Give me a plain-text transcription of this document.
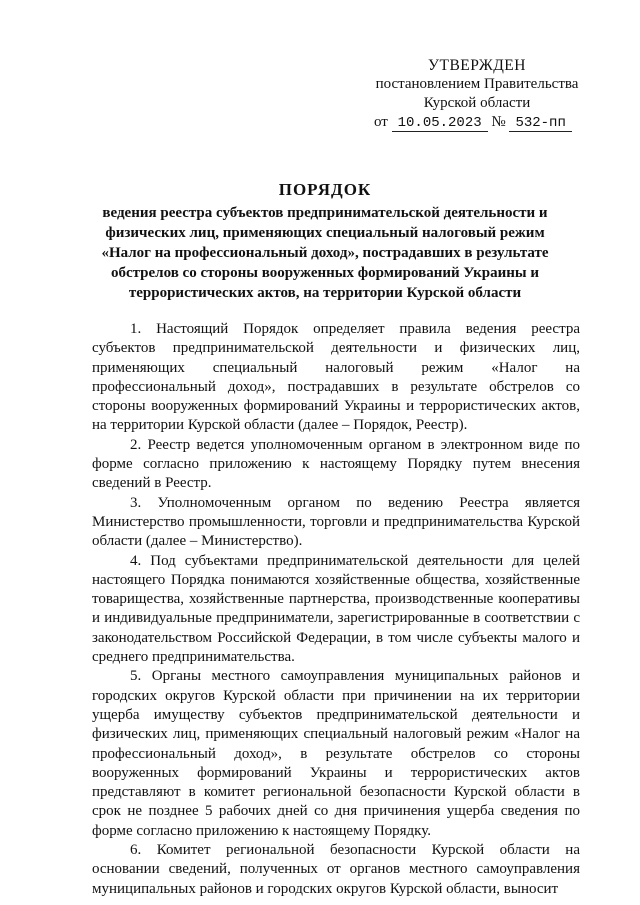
УТВЕРЖДЕН
постановлением Правительства
Курской области
от 10.05.2023 № 532-пп
ПОРЯДОК
ведения реестра субъектов предпринимательской деятельности и физических лиц, применяющих специальный налоговый режим «Налог на профессиональный доход», пострадавших в результате обстрелов со стороны вооруженных формирований Украины и террористических актов, на территории Курской области

1. Настоящий Порядок определяет правила ведения реестра субъектов предпринимательской деятельности и физических лиц, применяющих специальный налоговый режим «Налог на профессиональный доход», пострадавших в результате обстрелов со стороны вооруженных формирований Украины и террористических актов, на территории Курской области (далее – Порядок, Реестр).

2. Реестр ведется уполномоченным органом в электронном виде по форме согласно приложению к настоящему Порядку путем внесения сведений в Реестр.

3. Уполномоченным органом по ведению Реестра является Министерство промышленности, торговли и предпринимательства Курской области (далее – Министерство).

4. Под субъектами предпринимательской деятельности для целей настоящего Порядка понимаются хозяйственные общества, хозяйственные товарищества, хозяйственные партнерства, производственные кооперативы и индивидуальные предприниматели, зарегистрированные в соответствии с законодательством Российской Федерации, в том числе субъекты малого и среднего предпринимательства.

5. Органы местного самоуправления муниципальных районов и городских округов Курской области при причинении на их территории ущерба имуществу субъектов предпринимательской деятельности и физических лиц, применяющих специальный налоговый режим «Налог на профессиональный доход», в результате обстрелов со стороны вооруженных формирований Украины и террористических актов представляют в комитет региональной безопасности Курской области в срок не позднее 5 рабочих дней со дня причинения ущерба сведения по форме согласно приложению к настоящему Порядку.

6. Комитет региональной безопасности Курской области на основании сведений, полученных от органов местного самоуправления муниципальных районов и городских округов Курской области, выносит
